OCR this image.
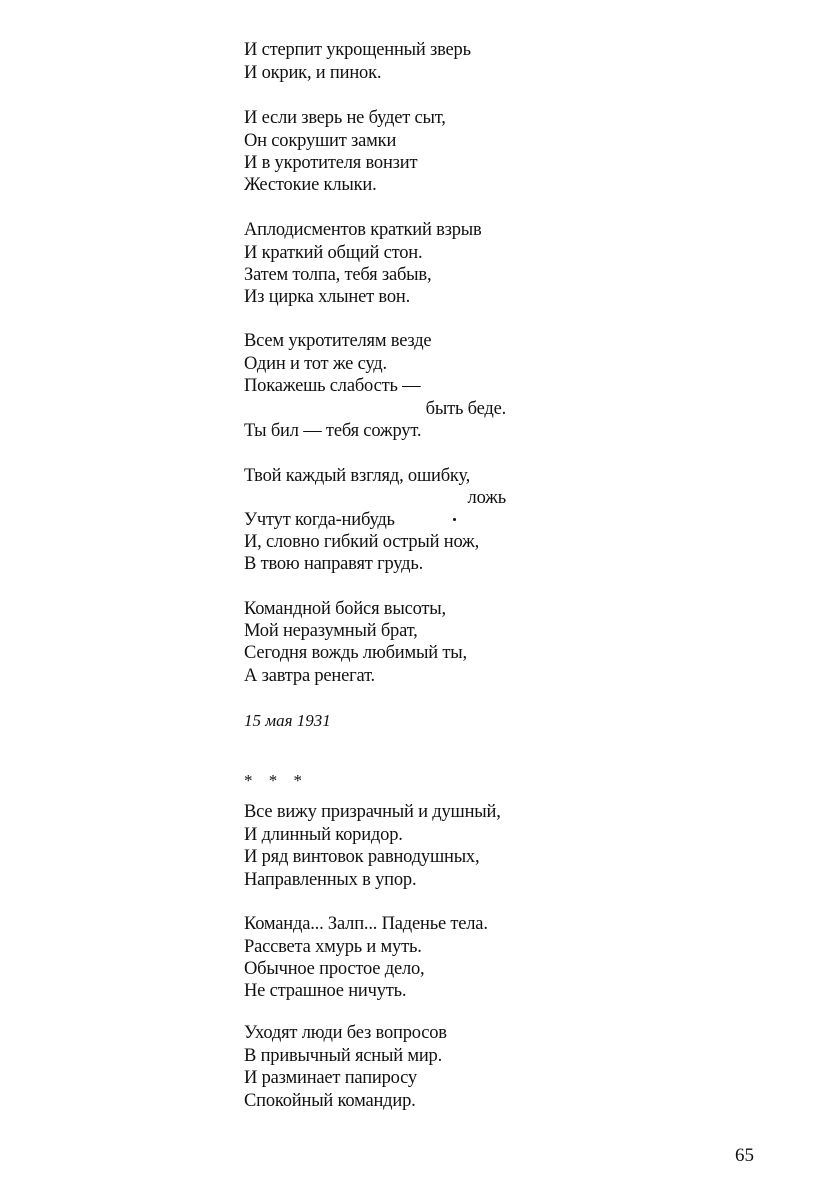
И стерпит укрощенный зверь
И окрик, и пинок.
И если зверь не будет сыт,
Он сокрушит замки
И в укротителя вонзит
Жестокие клыки.
Аплодисментов краткий взрыв
И краткий общий стон.
Затем толпа, тебя забыв,
Из цирка хлынет вон.
Всем укротителям везде
Один и тот же суд.
Покажешь слабость —
быть беде.
Ты бил — тебя сожрут.
Твой каждый взгляд, ошибку,
ложь
Учтут когда-нибудь
И, словно гибкий острый нож,
В твою направят грудь.
Командной бойся высоты,
Мой неразумный брат,
Сегодня вождь любимый ты,
А завтра ренегат.
15 мая 1931
* * *
Все вижу призрачный и душный,
И длинный коридор.
И ряд винтовок равнодушных,
Направленных в упор.
Команда... Залп... Паденье тела.
Рассвета хмурь и муть.
Обычное простое дело,
Не страшное ничуть.
Уходят люди без вопросов
В привычный ясный мир.
И разминает папиросу
Спокойный командир.
65
